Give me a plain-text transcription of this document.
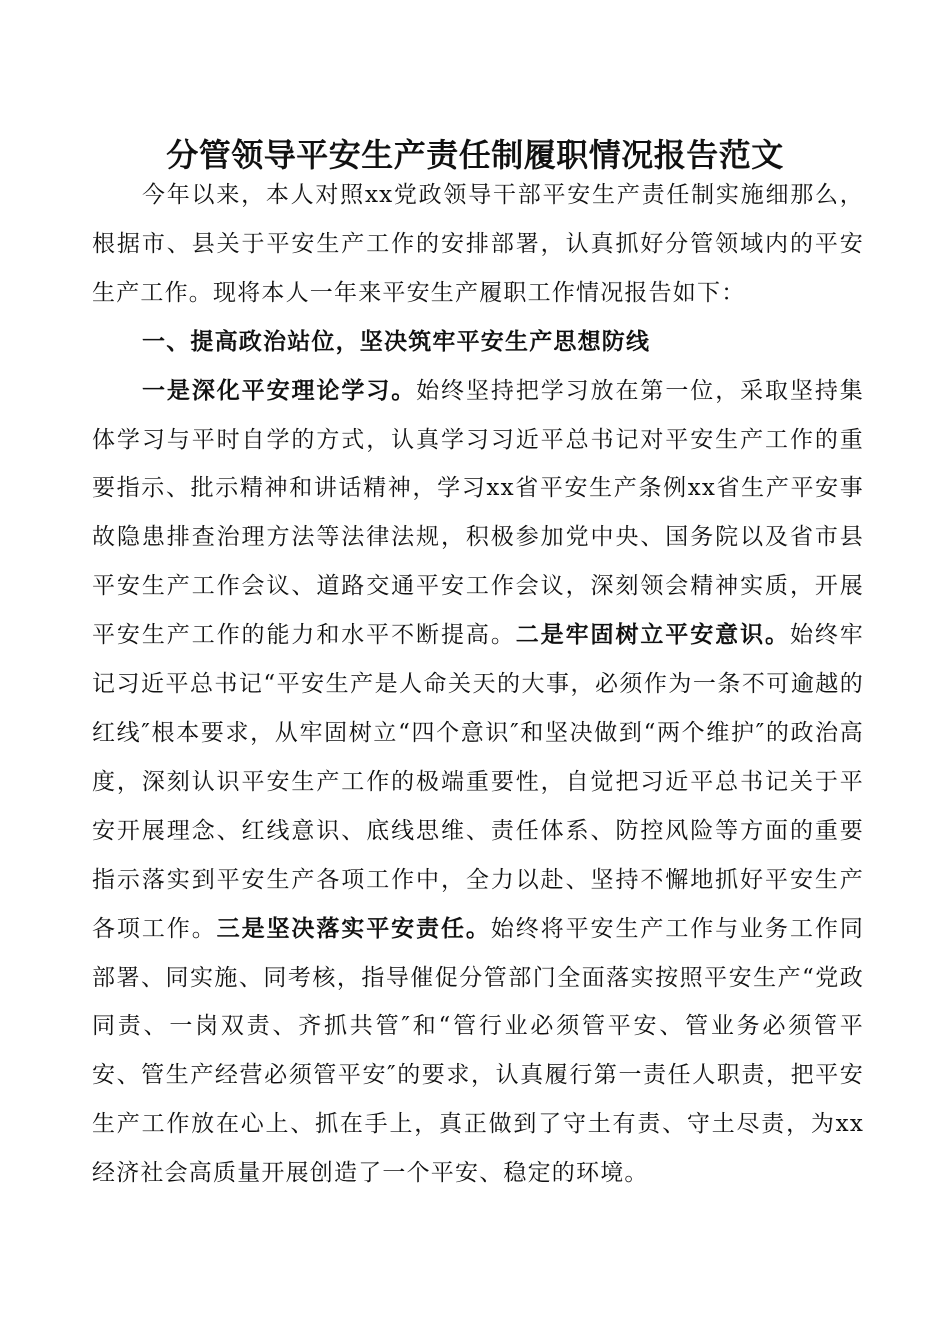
分管领导平安生产责任制履职情况报告范文

今年以来，本人对照xx党政领导干部平安生产责任制实施细那么，根据市、县关于平安生产工作的安排部署，认真抓好分管领域内的平安生产工作。现将本人一年来平安生产履职工作情况报告如下：

一、提高政治站位，坚决筑牢平安生产思想防线

一是深化平安理论学习。始终坚持把学习放在第一位，采取坚持集体学习与平时自学的方式，认真学习习近平总书记对平安生产工作的重要指示、批示精神和讲话精神，学习xx省平安生产条例xx省生产平安事故隐患排查治理方法等法律法规，积极参加党中央、国务院以及省市县平安生产工作会议、道路交通平安工作会议，深刻领会精神实质，开展平安生产工作的能力和水平不断提高。二是牢固树立平安意识。始终牢记习近平总书记“平安生产是人命关天的大事，必须作为一条不可逾越的红线″根本要求，从牢固树立“四个意识″和坚决做到“两个维护″的政治高度，深刻认识平安生产工作的极端重要性，自觉把习近平总书记关于平安开展理念、红线意识、底线思维、责任体系、防控风险等方面的重要指示落实到平安生产各项工作中，全力以赴、坚持不懈地抓好平安生产各项工作。三是坚决落实平安责任。始终将平安生产工作与业务工作同部署、同实施、同考核，指导催促分管部门全面落实按照平安生产“党政同责、一岗双责、齐抓共管″和“管行业必须管平安、管业务必须管平安、管生产经营必须管平安″的要求，认真履行第一责任人职责，把平安生产工作放在心上、抓在手上，真正做到了守土有责、守土尽责，为xx经济社会高质量开展创造了一个平安、稳定的环境。
